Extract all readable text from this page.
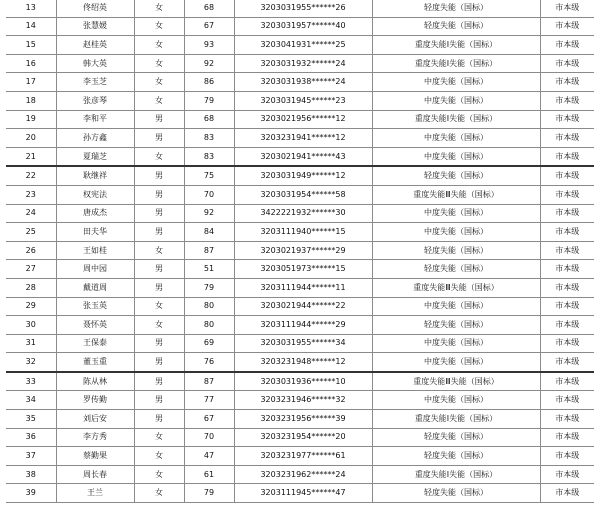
13	佟绍英	女	68	3203031955******26	轻度失能（国标）	市本级
14	张慧媛	女	67	3203031957******40	轻度失能（国标）	市本级
15	赵桂英	女	93	3203041931******25	重度失能Ⅰ失能（国标）	市本级
16	韩大英	女	92	3203031932******24	重度失能Ⅰ失能（国标）	市本级
17	李玉芝	女	86	3203031938******24	中度失能（国标）	市本级
18	张彦琴	女	79	3203031945******23	中度失能（国标）	市本级
19	李和平	男	68	3203021956******12	重度失能Ⅰ失能（国标）	市本级
20	孙方鑫	男	83	3203231941******12	中度失能（国标）	市本级
21	夏瑞芝	女	83	3203021941******43	中度失能（国标）	市本级
22	耿继祥	男	75	3203031949******12	轻度失能（国标）	市本级
23	权宪法	男	70	3203031954******58	重度失能Ⅲ失能（国标）	市本级
24	唐成杰	男	92	3422221932******30	中度失能（国标）	市本级
25	田夫华	男	84	3203111940******15	中度失能（国标）	市本级
26	王如桂	女	87	3203021937******29	轻度失能（国标）	市本级
27	周中园	男	51	3203051973******15	轻度失能（国标）	市本级
28	戴道周	男	79	3203111944******11	重度失能Ⅲ失能（国标）	市本级
29	张玉英	女	80	3203021944******22	中度失能（国标）	市本级
30	聂怀英	女	80	3203111944******29	轻度失能（国标）	市本级
31	王保泰	男	69	3203031955******34	中度失能（国标）	市本级
32	董玉重	男	76	3203231948******12	中度失能（国标）	市本级
33	陈从林	男	87	3203031936******10	重度失能Ⅲ失能（国标）	市本级
34	罗传勤	男	77	3203231946******32	中度失能（国标）	市本级
35	刘后安	男	67	3203231956******39	重度失能Ⅰ失能（国标）	市本级
36	李方秀	女	70	3203231954******20	轻度失能（国标）	市本级
37	蔡勤果	女	47	3203231977******61	轻度失能（国标）	市本级
38	周长春	女	61	3203231962******24	重度失能Ⅰ失能（国标）	市本级
39	王兰	女	79	3203111945******47	轻度失能（国标）	市本级
